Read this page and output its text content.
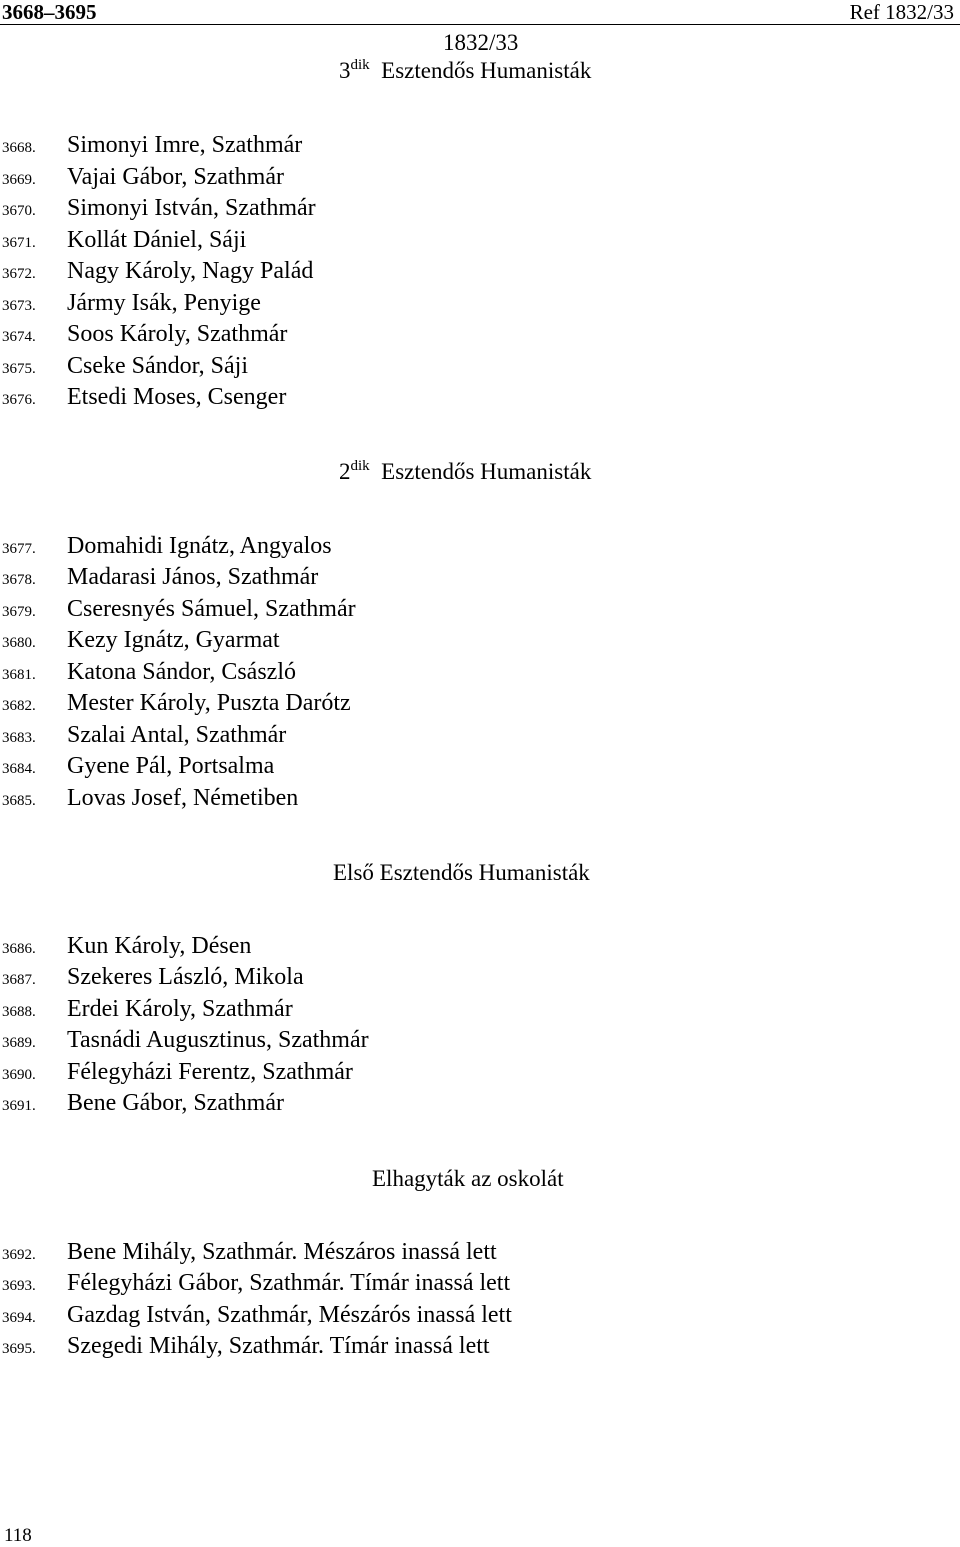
3668–3695	Ref 1832/33
1832/33
$3^{dik}$ Esztendős Humanisták
3668. Simonyi Imre, Szathmár
3669. Vajai Gábor, Szathmár
3670. Simonyi István, Szathmár
3671. Kollát Dániel, Sáji
3672. Nagy Károly, Nagy Palád
3673. Jármy Isák, Penyige
3674. Soos Károly, Szathmár
3675. Cseke Sándor, Sáji
3676. Etsedi Moses, Csenger
$2^{dik}$ Esztendős Humanisták
3677. Domahidi Ignátz, Angyalos
3678. Madarasi János, Szathmár
3679. Cseresnyés Sámuel, Szathmár
3680. Kezy Ignátz, Gyarmat
3681. Katona Sándor, Császló
3682. Mester Károly, Puszta Darótz
3683. Szalai Antal, Szathmár
3684. Gyene Pál, Portsalma
3685. Lovas Josef, Németiben
Első Esztendős Humanisták
3686. Kun Károly, Désen
3687. Szekeres László, Mikola
3688. Erdei Károly, Szathmár
3689. Tasnádi Augusztinus, Szathmár
3690. Félegyházi Ferentz, Szathmár
3691. Bene Gábor, Szathmár
Elhagyták az oskolát
3692. Bene Mihály, Szathmár. Mészáros inassá lett
3693. Félegyházi Gábor, Szathmár. Tímár inassá lett
3694. Gazdag István, Szathmár, Mészárós inassá lett
3695. Szegedi Mihály, Szathmár. Tímár inassá lett
118
